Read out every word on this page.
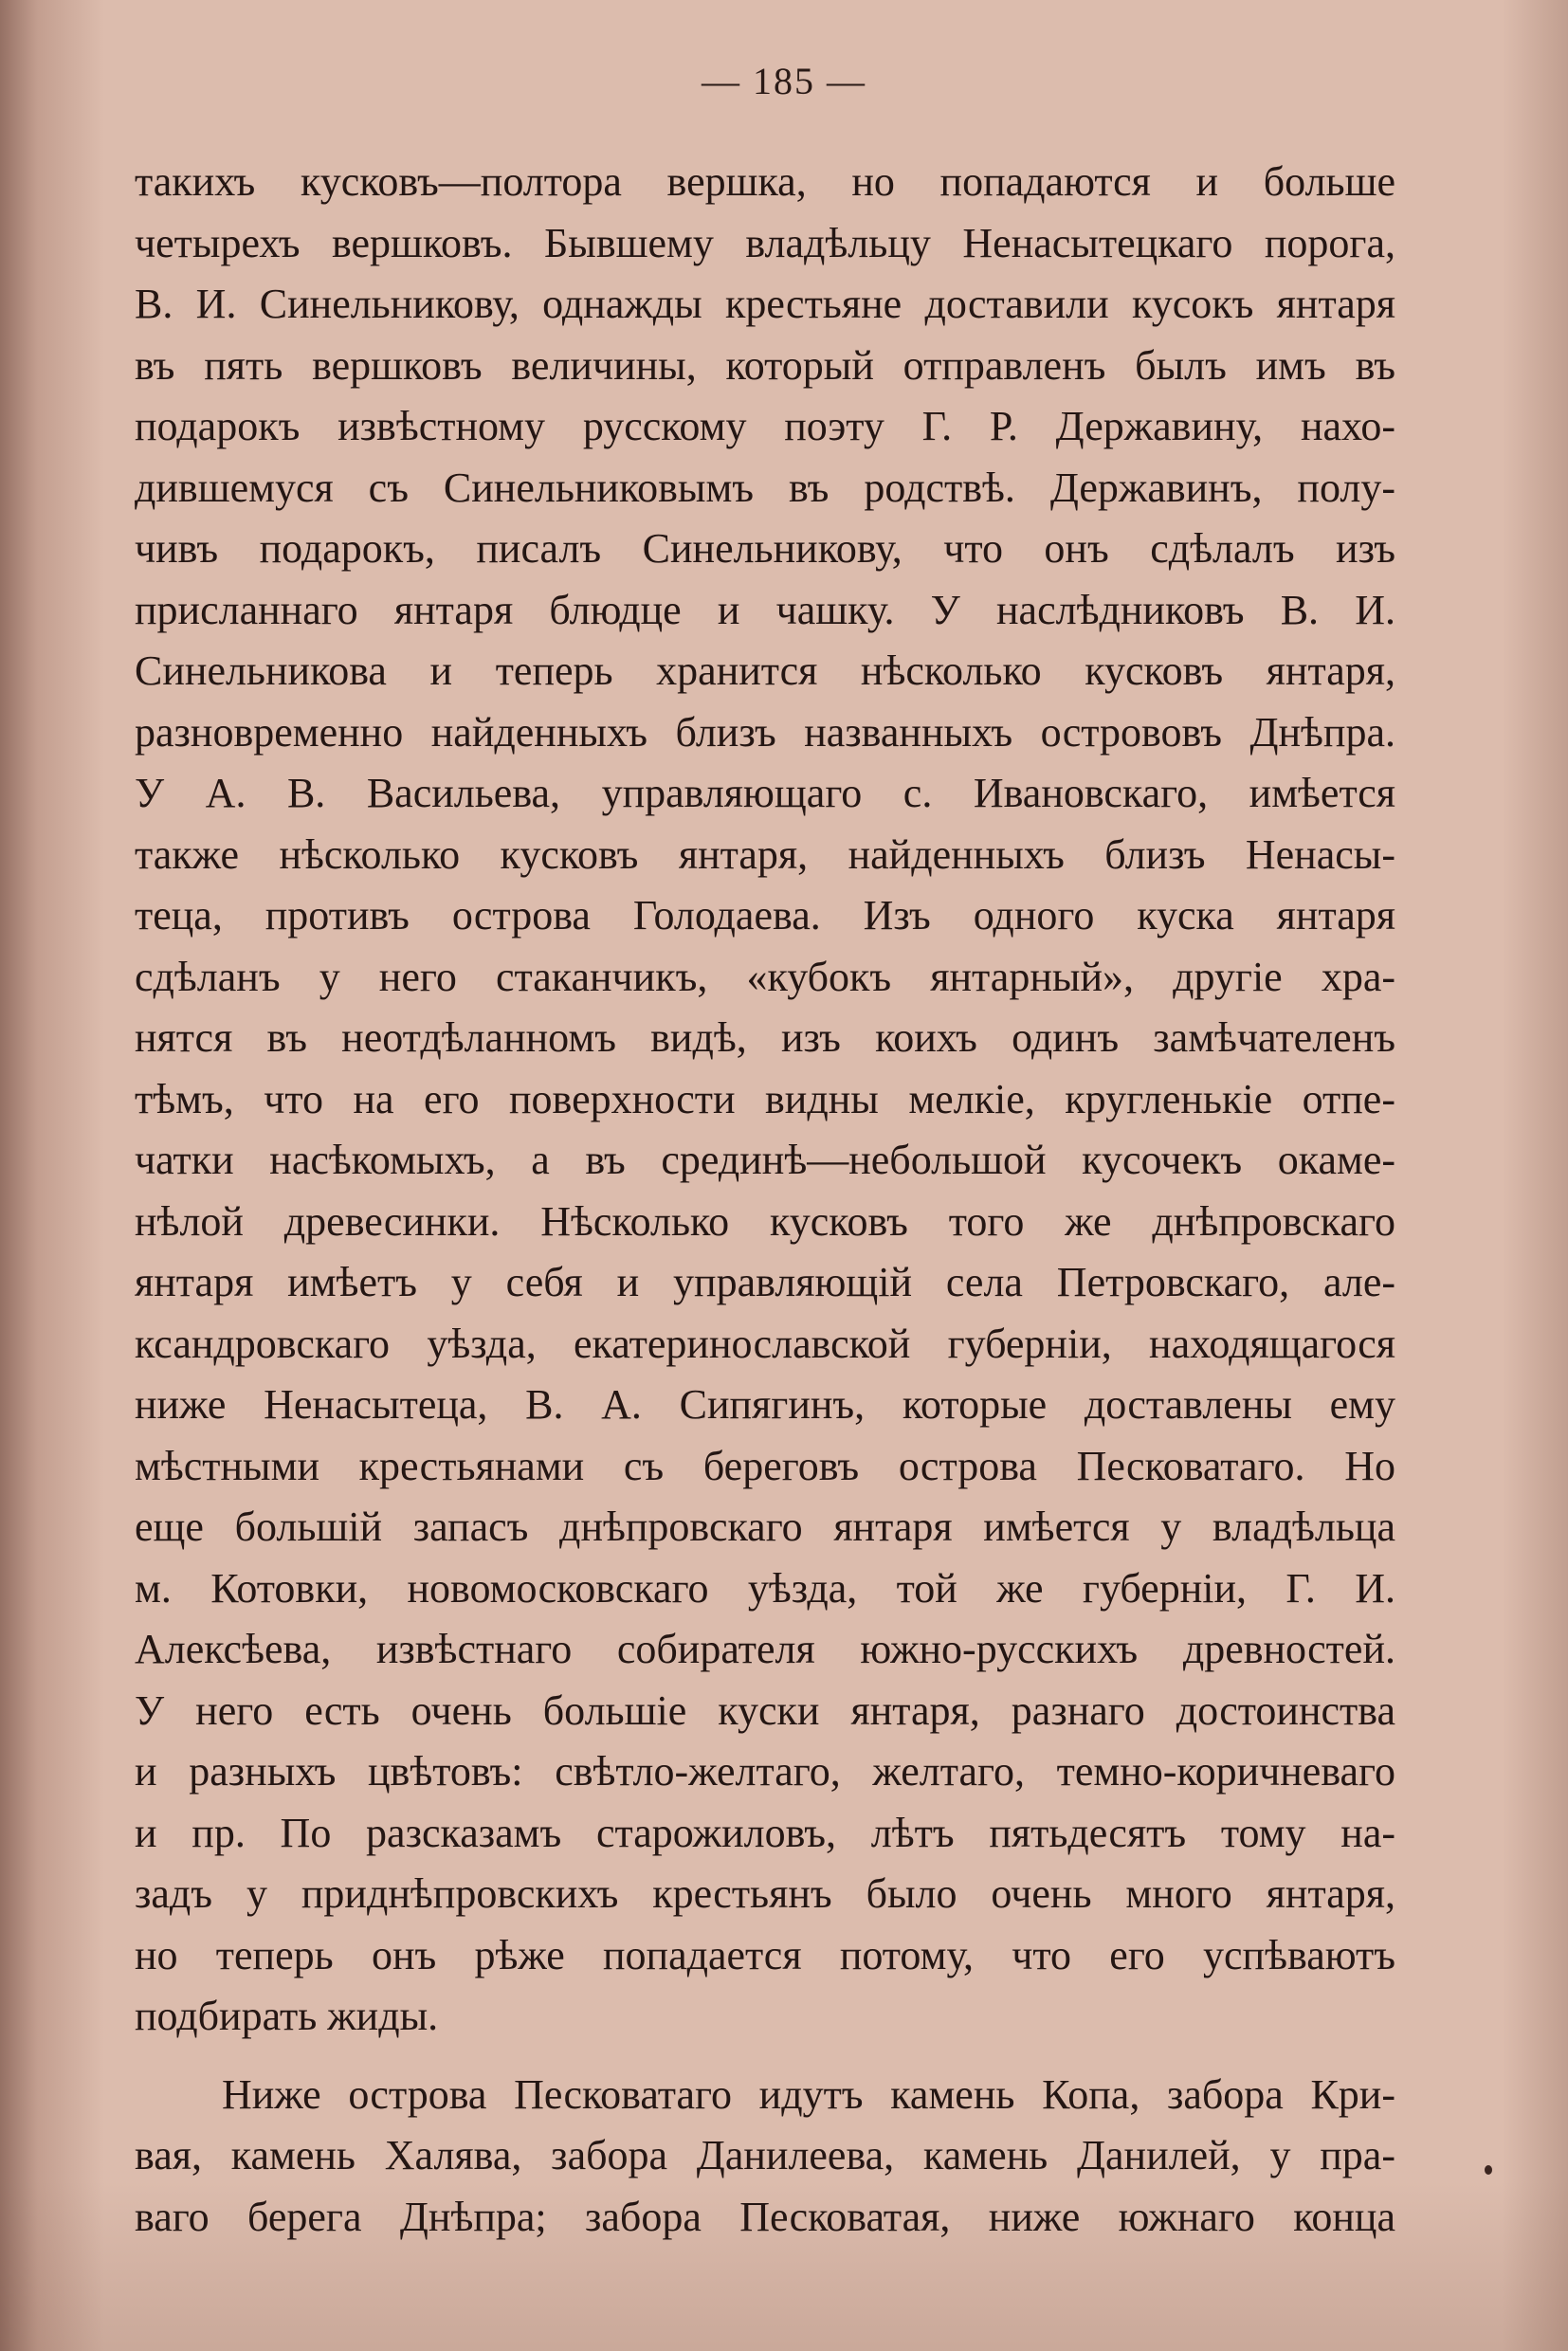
— 185 —
такихъ кусковъ—полтора вершка, но попадаются и больше
четырехъ вершковъ. Бывшему владѣльцу Ненасытецкаго порога,
В. И. Синельникову, однажды крестьяне доставили кусокъ янтаря
въ пять вершковъ величины, который отправленъ былъ имъ въ
подарокъ извѣстному русскому поэту Г. Р. Державину, нахо-
дившемуся съ Синельниковымъ въ родствѣ. Державинъ, полу-
чивъ подарокъ, писалъ Синельникову, что онъ сдѣлалъ изъ
присланнаго янтаря блюдце и чашку. У наслѣдниковъ В. И.
Синельникова и теперь хранится нѣсколько кусковъ янтаря,
разновременно найденныхъ близъ названныхъ острововъ Днѣпра.
У А. В. Васильева, управляющаго с. Ивановскаго, имѣется
также нѣсколько кусковъ янтаря, найденныхъ близъ Ненасы-
теца, противъ острова Голодаева. Изъ одного куска янтаря
сдѣланъ у него стаканчикъ, «кубокъ янтарный», другіе хра-
нятся въ неотдѣланномъ видѣ, изъ коихъ одинъ замѣчателенъ
тѣмъ, что на его поверхности видны мелкіе, кругленькіе отпе-
чатки насѣкомыхъ, а въ срединѣ—небольшой кусочекъ окаме-
нѣлой древесинки. Нѣсколько кусковъ того же днѣпровскаго
янтаря имѣетъ у себя и управляющій села Петровскаго, але-
ксандровскаго уѣзда, екатеринославской губерніи, находящагося
ниже Ненасытеца, В. А. Сипягинъ, которые доставлены ему
мѣстными крестьянами съ береговъ острова Песковатаго. Но
еще большій запасъ днѣпровскаго янтаря имѣется у владѣльца
м. Котовки, новомосковскаго уѣзда, той же губерніи, Г. И.
Алексѣева, извѣстнаго собирателя южно-русскихъ древностей.
У него есть очень большіе куски янтаря, разнаго достоинства
и разныхъ цвѣтовъ: свѣтло-желтаго, желтаго, темно-коричневаго
и пр. По разсказамъ старожиловъ, лѣтъ пятьдесятъ тому на-
задъ у приднѣпровскихъ крестьянъ было очень много янтаря,
но теперь онъ рѣже попадается потому, что его успѣваютъ
подбирать жиды.
Ниже острова Песковатаго идутъ камень Копа, забора Кри-
вая, камень Халява, забора Данилеева, камень Данилей, у пра-
ваго берега Днѣпра; забора Песковатая, ниже южнаго конца
